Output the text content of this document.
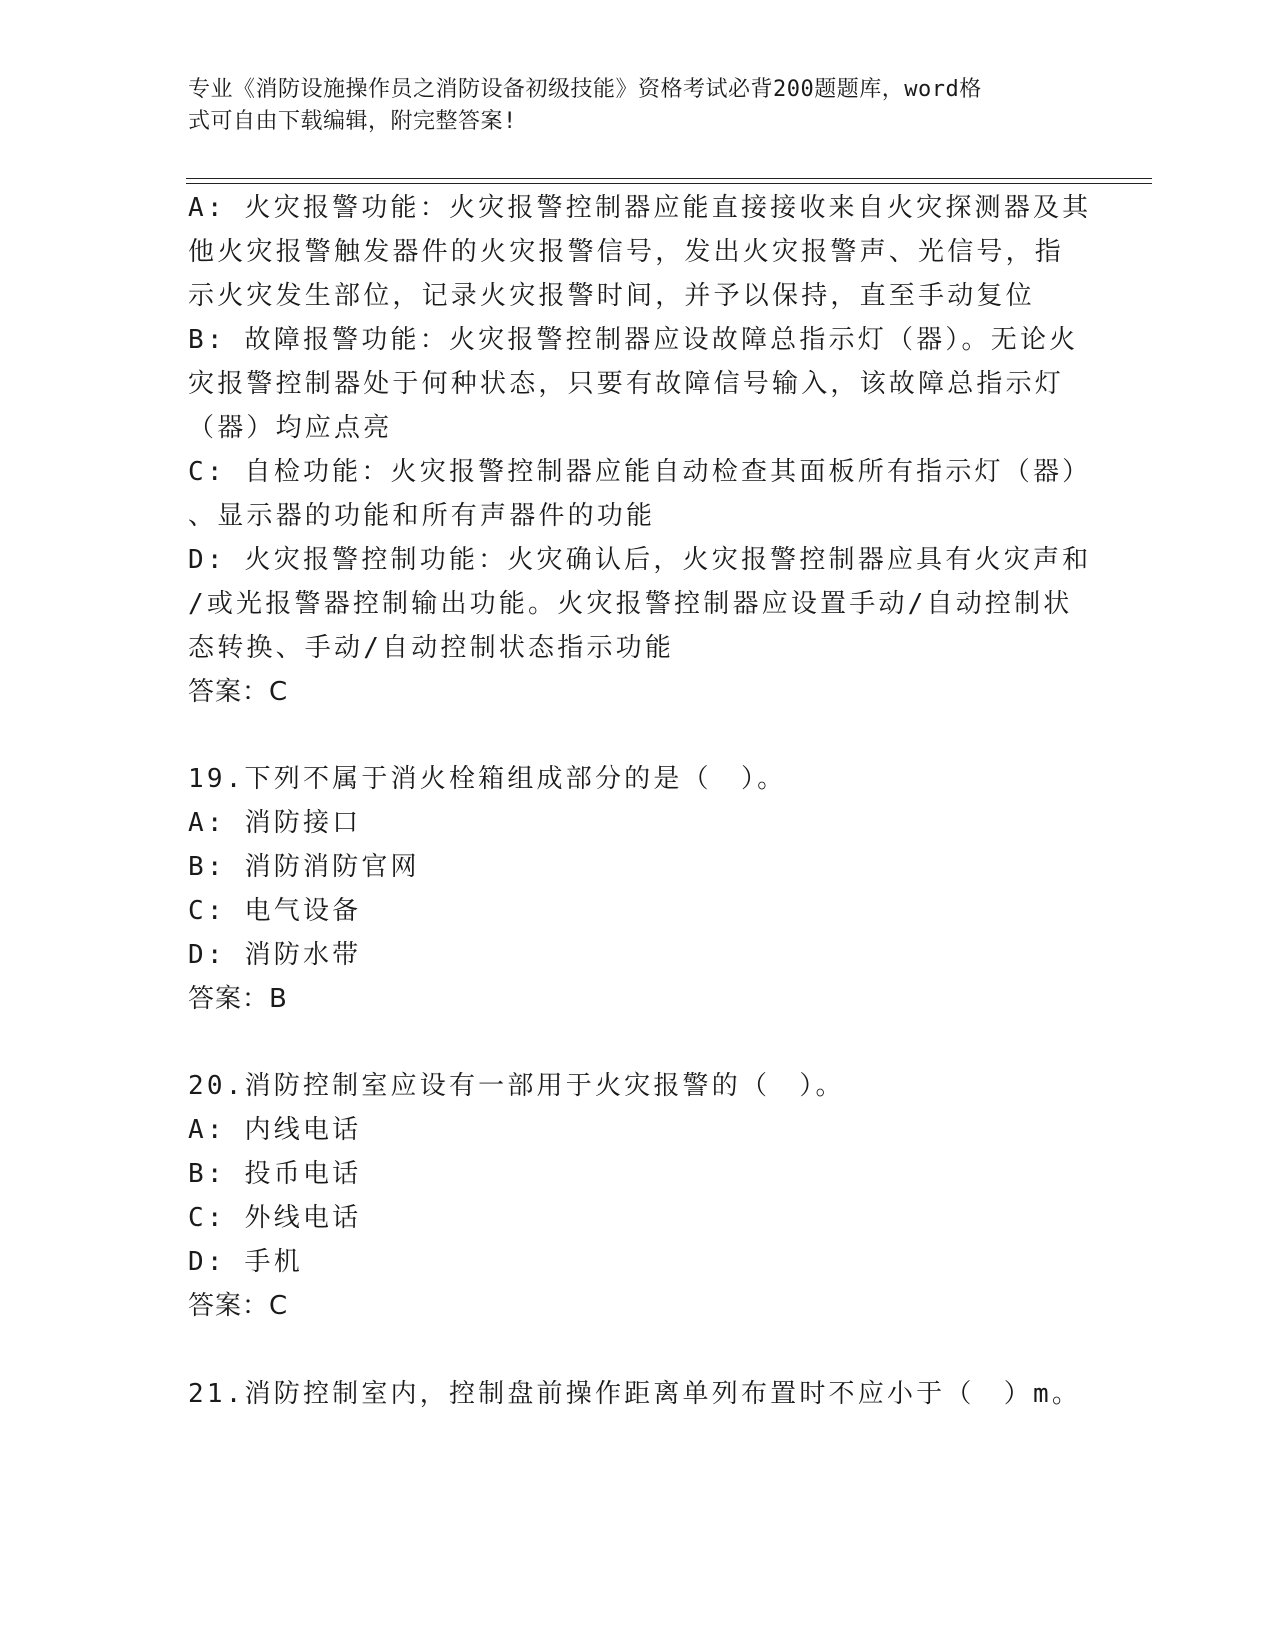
专业《消防设施操作员之消防设备初级技能》资格考试必背200题题库，word格
式可自由下载编辑，附完整答案!
A: 火灾报警功能：火灾报警控制器应能直接接收来自火灾探测器及其
他火灾报警触发器件的火灾报警信号，发出火灾报警声、光信号，指
示火灾发生部位，记录火灾报警时间，并予以保持，直至手动复位
B: 故障报警功能：火灾报警控制器应设故障总指示灯（器）。无论火
灾报警控制器处于何种状态，只要有故障信号输入，该故障总指示灯
（器）均应点亮
C: 自检功能：火灾报警控制器应能自动检查其面板所有指示灯（器）
、显示器的功能和所有声器件的功能
D: 火灾报警控制功能：火灾确认后，火灾报警控制器应具有火灾声和
/或光报警器控制输出功能。火灾报警控制器应设置手动/自动控制状
态转换、手动/自动控制状态指示功能
答案：C
19.下列不属于消火栓箱组成部分的是（　）。
A: 消防接口
B: 消防消防官网
C: 电气设备
D: 消防水带
答案：B
20.消防控制室应设有一部用于火灾报警的（　）。
A: 内线电话
B: 投币电话
C: 外线电话
D: 手机
答案：C
21.消防控制室内，控制盘前操作距离单列布置时不应小于（　）m。
